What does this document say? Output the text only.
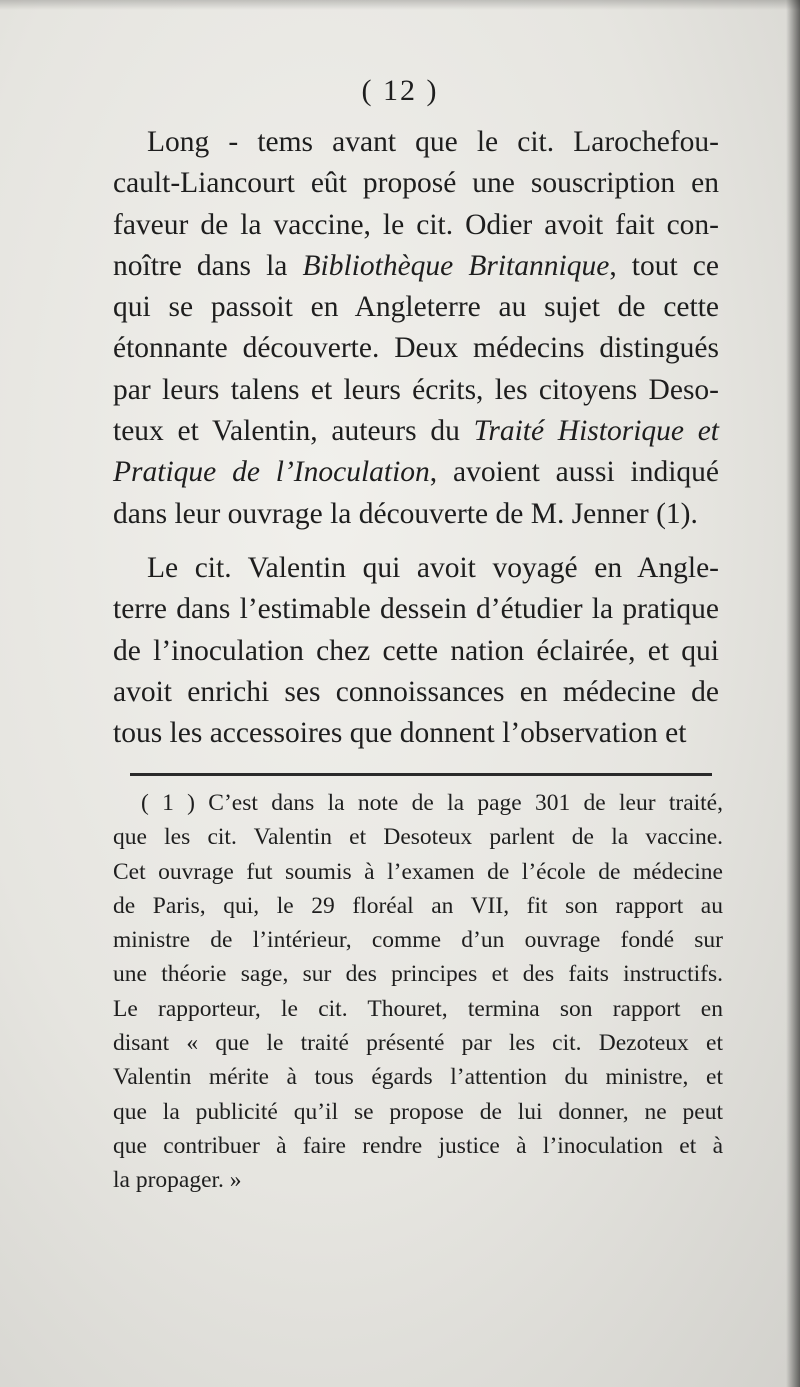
( 12 )
Long - tems avant que le cit. Larochefou-
cault-Liancourt eût proposé une souscription en
faveur de la vaccine, le cit. Odier avoit fait con-
noître dans la Bibliothèque Britannique, tout ce
qui se passoit en Angleterre au sujet de cette
étonnante découverte. Deux médecins distingués
par leurs talens et leurs écrits, les citoyens Deso-
teux et Valentin, auteurs du Traité Historique et
Pratique de l’Inoculation, avoient aussi indiqué
dans leur ouvrage la découverte de M. Jenner (1).
Le cit. Valentin qui avoit voyagé en Angle-
terre dans l’estimable dessein d’étudier la pratique
de l’inoculation chez cette nation éclairée, et qui
avoit enrichi ses connoissances en médecine de
tous les accessoires que donnent l’observation et
( 1 ) C’est dans la note de la page 301 de leur traité,
que les cit. Valentin et Desoteux parlent de la vaccine.
Cet ouvrage fut soumis à l’examen de l’école de médecine
de Paris, qui, le 29 floréal an VII, fit son rapport au
ministre de l’intérieur, comme d’un ouvrage fondé sur
une théorie sage, sur des principes et des faits instructifs.
Le rapporteur, le cit. Thouret, termina son rapport en
disant « que le traité présenté par les cit. Dezoteux et
Valentin mérite à tous égards l’attention du ministre, et
que la publicité qu’il se propose de lui donner, ne peut
que contribuer à faire rendre justice à l’inoculation et à
la propager. »
